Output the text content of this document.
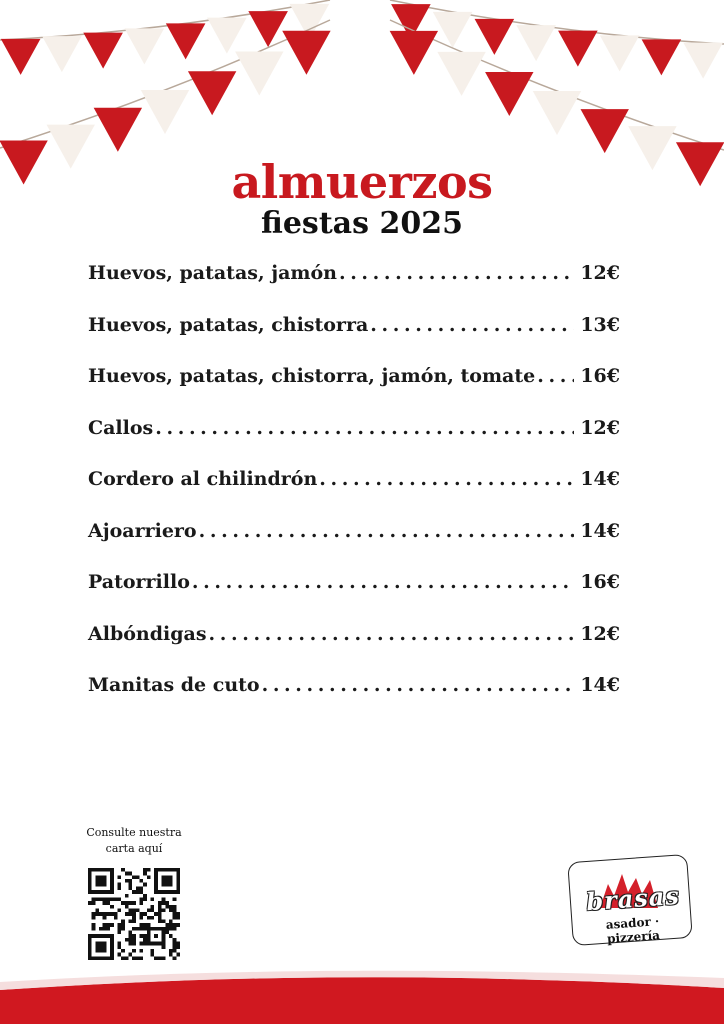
almuerzos
fiestas 2025
Huevos, patatas, jamón . . .	12€
Huevos, patatas, chistorra . . .	13€
Huevos, patatas, chistorra, jamón, tomate . . . 16€
Callos . . .	12€
Cordero al chilindrón . . .	14€
Ajoarriero . . .	14€
Patorrillo . . .	16€
Albóndigas . . .	12€
Manitas de cuto . . .	14€
Consulte nuestra
carta aquí
brasas
asador · pizzería
